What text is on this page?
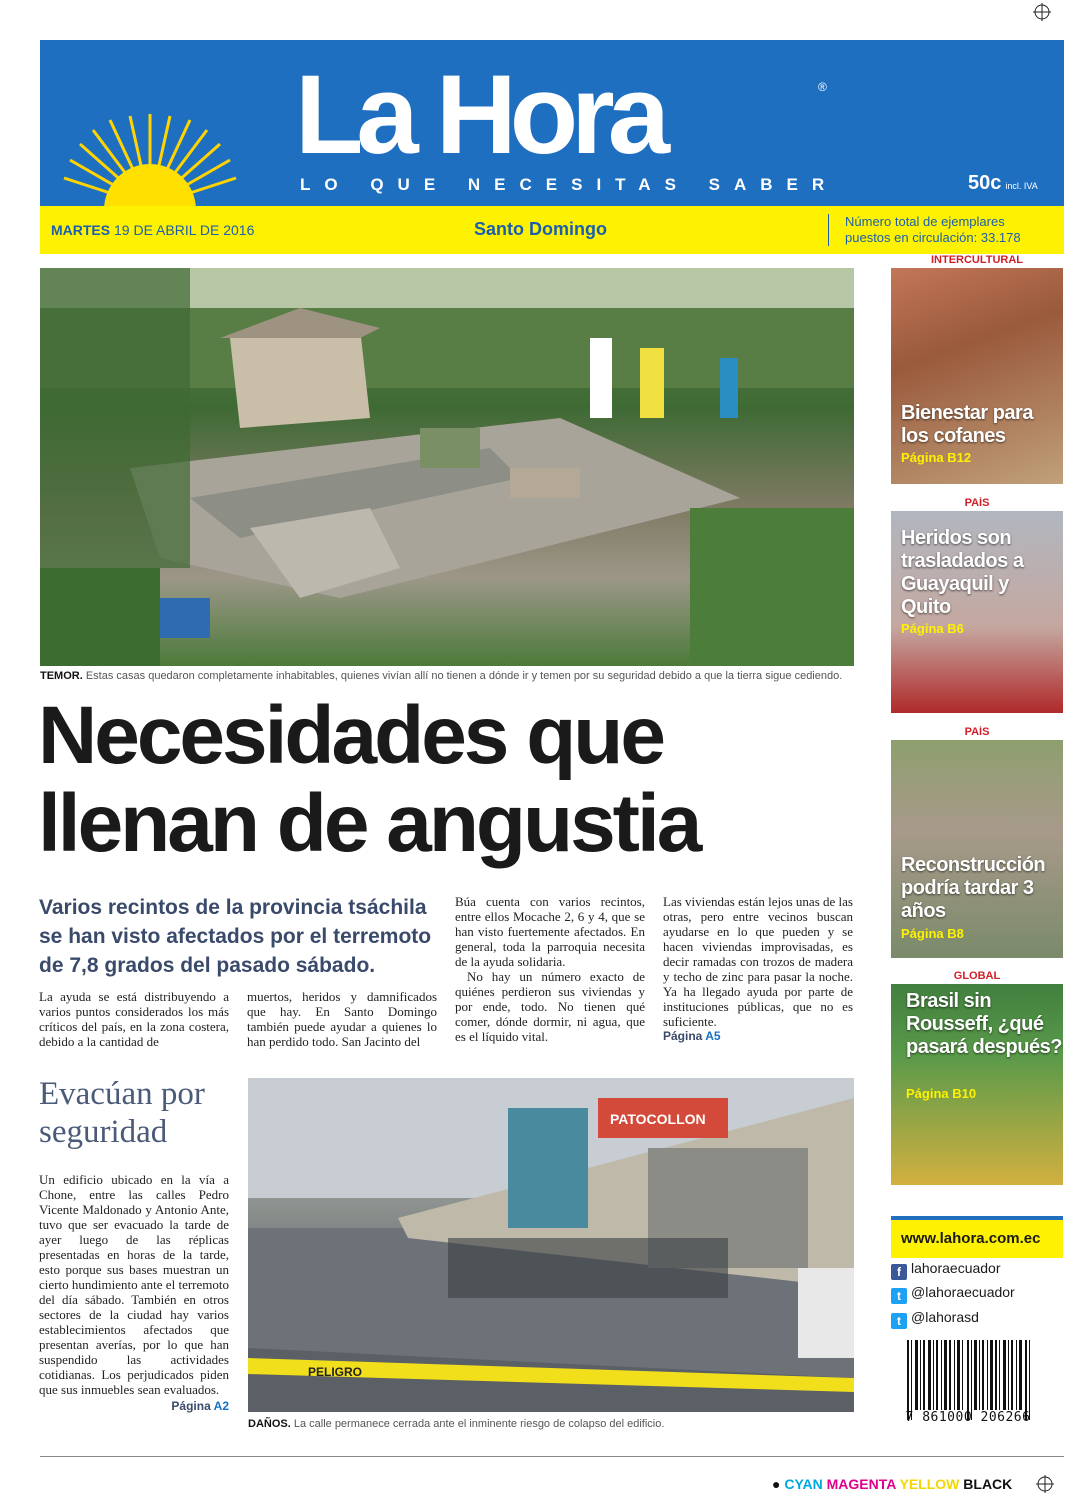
La Hora	®
LO QUE NECESITAS SABER	50c incl. IVA
MARTES 19 DE ABRIL DE 2016	Santo Domingo	Número total de ejemplares
puestos en circulación: 33.178
TEMOR. Estas casas quedaron completamente inhabitables, quienes vivían allí no tienen a dónde ir y temen por su seguridad debido a que la tierra sigue cediendo.
Necesidades que
llenan de angustia
Varios recintos de la provincia tsáchila se han visto afectados por el terremoto de 7,8 grados del pasado sábado.
La ayuda se está distribuyendo a varios puntos considerados los más críticos del país, en la zona costera, debido a la cantidad de
muertos, heridos y damnificados que hay. En Santo Domingo también puede ayudar a quienes lo han perdido todo. San Jacinto del
Búa cuenta con varios recintos, entre ellos Mocache 2, 6 y 4, que se han visto fuertemente afectados. En general, toda la parroquia necesita de la ayuda solidaria.
No hay un número exacto de quiénes perdieron sus viviendas y por ende, todo. No tienen qué comer, dónde dormir, ni agua, que es el líquido vital.
Las viviendas están lejos unas de las otras, pero entre vecinos buscan ayudarse en lo que pueden y se hacen viviendas improvisadas, es decir ramadas con trozos de madera y techo de zinc para pasar la noche. Ya ha llegado ayuda por parte de instituciones públicas, que no es suficiente.
Página A5
Evacúan por seguridad
Un edificio ubicado en la vía a Chone, entre las calles Pedro Vicente Maldonado y Antonio Ante, tuvo que ser evacuado la tarde de ayer luego de las réplicas presentadas en horas de la tarde, esto porque sus bases muestran un cierto hundimiento ante el terremoto del día sábado. También en otros sectores de la ciudad hay varios establecimientos afectados que presentan averías, por lo que han suspendido las actividades cotidianas. Los perjudicados piden que sus inmuebles sean evaluados.
Página A2
PATOCOLLON
PELIGRO
DAÑOS. La calle permanece cerrada ante el inminente riesgo de colapso del edificio.
INTERCULTURAL
Bienestar para los cofanes
Página B12
PAÍS
Heridos son trasladados a Guayaquil y Quito
Página B6
PAÍS
Reconstrucción podría tardar 3 años
Página B8
GLOBAL
Brasil sin Rousseff, ¿qué pasará después?
Página B10
www.lahora.com.ec
f lahoraecuador
t @lahoraecuador
t @lahorasd
7 861000 206266
● CYAN MAGENTA YELLOW BLACK
